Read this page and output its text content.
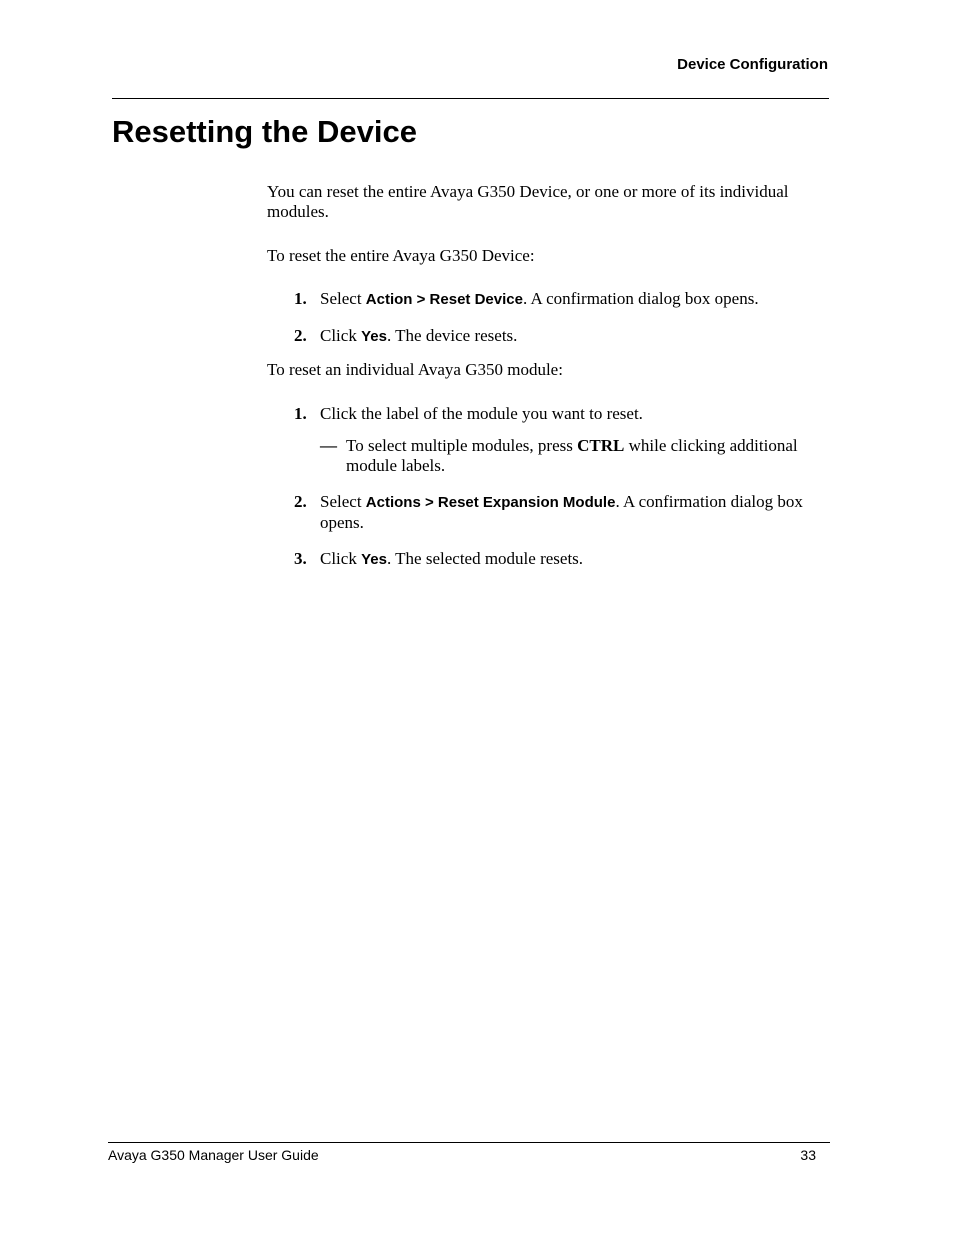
Device Configuration
Resetting the Device

You can reset the entire Avaya G350 Device, or one or more of its individual modules.

To reset the entire Avaya G350 Device:

1. Select Action > Reset Device. A confirmation dialog box opens.
2. Click Yes. The device resets.

To reset an individual Avaya G350 module:

1. Click the label of the module you want to reset.
— To select multiple modules, press CTRL while clicking additional module labels.
2. Select Actions > Reset Expansion Module. A confirmation dialog box opens.
3. Click Yes. The selected module resets.
Avaya G350 Manager User Guide	33
